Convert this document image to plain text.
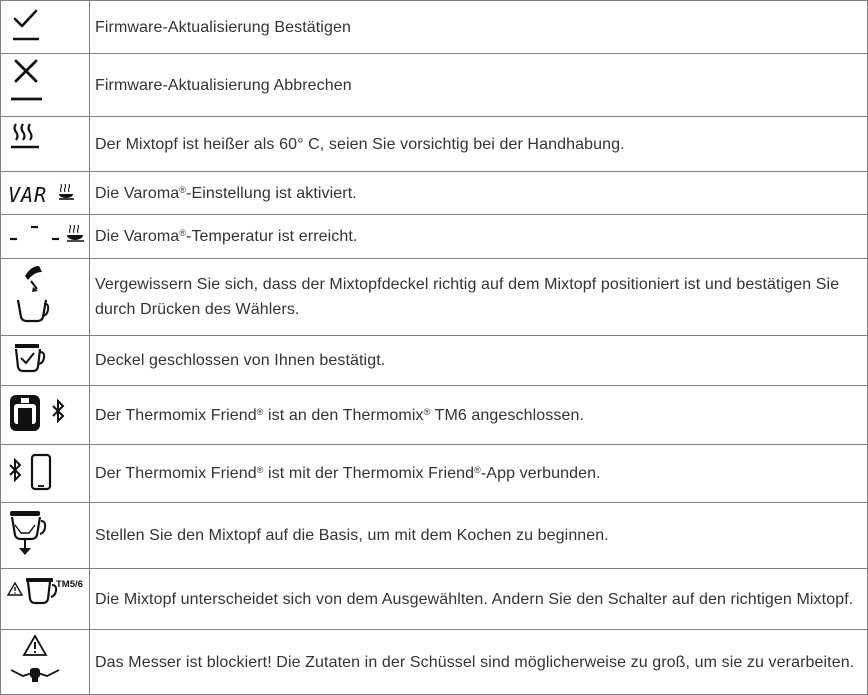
	Firmware-Aktualisierung Bestätigen

	Firmware-Aktualisierung Abbrechen

	Der Mixtopf ist heißer als 60° C, seien Sie vorsichtig bei der Handhabung.

VAR	Die Varoma®-Einstellung ist aktiviert.

	Die Varoma®-Temperatur ist erreicht.

	Vergewissern Sie sich, dass der Mixtopfdeckel richtig auf dem Mixtopf positioniert ist und bestätigen Sie durch Drücken des Wählers.

	Deckel geschlossen von Ihnen bestätigt.

	Der Thermomix Friend® ist an den Thermomix® TM6 angeschlossen.

	Der Thermomix Friend® ist mit der Thermomix Friend®-App verbunden.

	Stellen Sie den Mixtopf auf die Basis, um mit dem Kochen zu beginnen.

TM5/6	Die Mixtopf unterscheidet sich von dem Ausgewählten. Andern Sie den Schalter auf den richtigen Mixtopf.

	Das Messer ist blockiert! Die Zutaten in der Schüssel sind möglicherweise zu groß, um sie zu verarbeiten.
